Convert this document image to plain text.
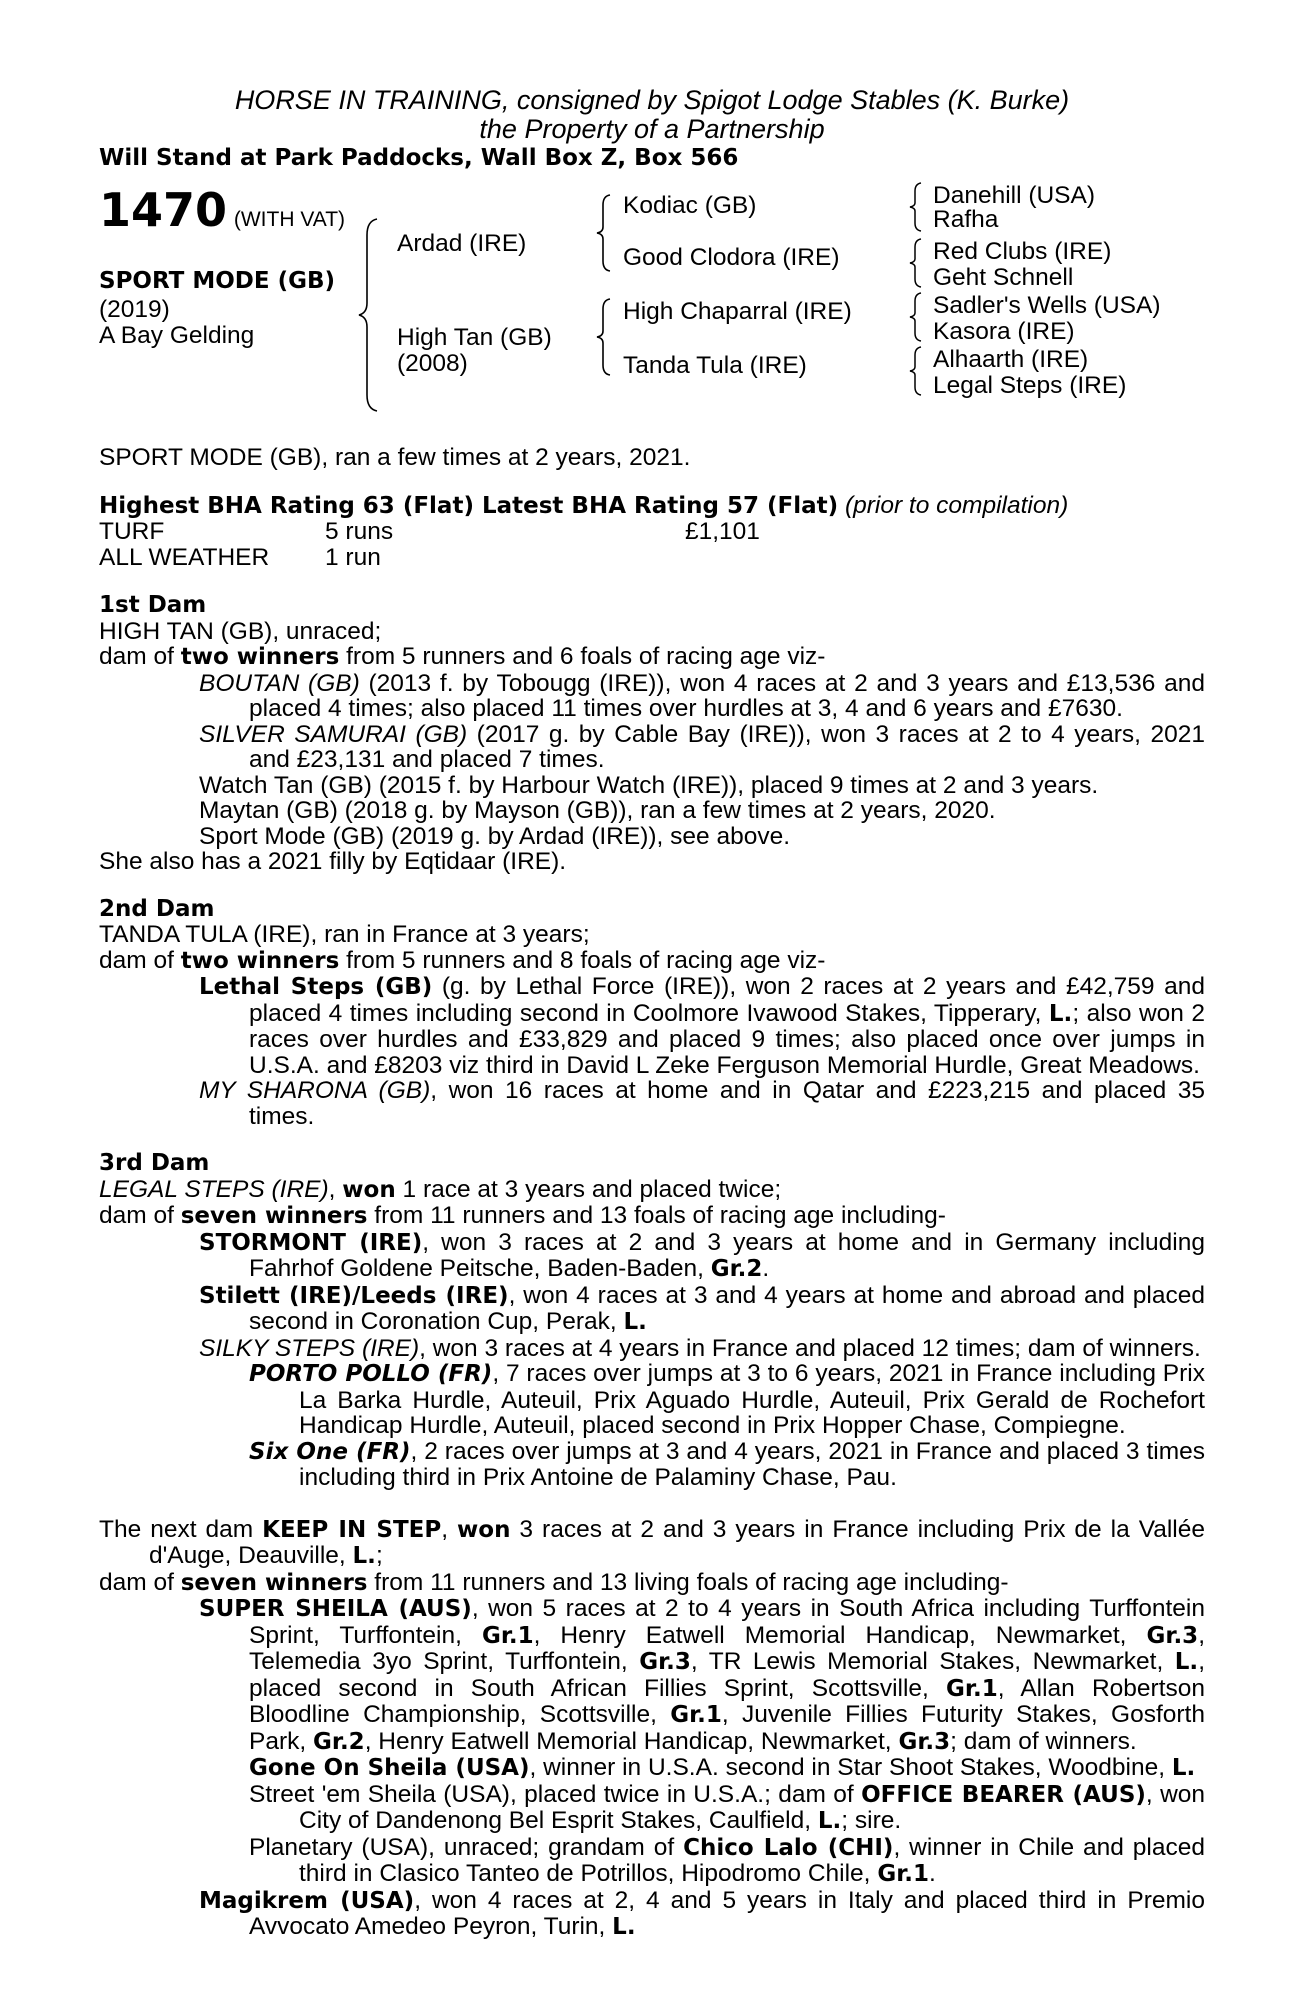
HORSE IN TRAINING, consigned by Spigot Lodge Stables (K. Burke)
the Property of a Partnership
Will Stand at Park Paddocks, Wall Box Z, Box 566
1470 (WITH VAT)
SPORT MODE (GB)
(2019)
A Bay Gelding
Ardad (IRE)
High Tan (GB)
(2008)
Kodiac (GB)
Good Clodora (IRE)
High Chaparral (IRE)
Tanda Tula (IRE)
Danehill (USA)
Rafha
Red Clubs (IRE)
Geht Schnell
Sadler's Wells (USA)
Kasora (IRE)
Alhaarth (IRE)
Legal Steps (IRE)
SPORT MODE (GB), ran a few times at 2 years, 2021.
Highest BHA Rating 63 (Flat) Latest BHA Rating 57 (Flat) (prior to compilation)
TURF	5 runs	£1,101
ALL WEATHER 1 run
1st Dam
HIGH TAN (GB), unraced;
dam of two winners from 5 runners and 6 foals of racing age viz-
BOUTAN (GB) (2013 f. by Tobougg (IRE)), won 4 races at 2 and 3 years and £13,536 and placed 4 times; also placed 11 times over hurdles at 3, 4 and 6 years and £7630.
SILVER SAMURAI (GB) (2017 g. by Cable Bay (IRE)), won 3 races at 2 to 4 years, 2021 and £23,131 and placed 7 times.
Watch Tan (GB) (2015 f. by Harbour Watch (IRE)), placed 9 times at 2 and 3 years.
Maytan (GB) (2018 g. by Mayson (GB)), ran a few times at 2 years, 2020.
Sport Mode (GB) (2019 g. by Ardad (IRE)), see above.
She also has a 2021 filly by Eqtidaar (IRE).
2nd Dam
TANDA TULA (IRE), ran in France at 3 years;
dam of two winners from 5 runners and 8 foals of racing age viz-
Lethal Steps (GB) (g. by Lethal Force (IRE)), won 2 races at 2 years and £42,759 and placed 4 times including second in Coolmore Ivawood Stakes, Tipperary, L.; also won 2 races over hurdles and £33,829 and placed 9 times; also placed once over jumps in U.S.A. and £8203 viz third in David L Zeke Ferguson Memorial Hurdle, Great Meadows.
MY SHARONA (GB), won 16 races at home and in Qatar and £223,215 and placed 35 times.
3rd Dam
LEGAL STEPS (IRE), won 1 race at 3 years and placed twice;
dam of seven winners from 11 runners and 13 foals of racing age including-
STORMONT (IRE), won 3 races at 2 and 3 years at home and in Germany including Fahrhof Goldene Peitsche, Baden-Baden, Gr.2.
Stilett (IRE)/Leeds (IRE), won 4 races at 3 and 4 years at home and abroad and placed second in Coronation Cup, Perak, L.
SILKY STEPS (IRE), won 3 races at 4 years in France and placed 12 times; dam of winners.
PORTO POLLO (FR), 7 races over jumps at 3 to 6 years, 2021 in France including Prix La Barka Hurdle, Auteuil, Prix Aguado Hurdle, Auteuil, Prix Gerald de Rochefort Handicap Hurdle, Auteuil, placed second in Prix Hopper Chase, Compiegne.
Six One (FR), 2 races over jumps at 3 and 4 years, 2021 in France and placed 3 times including third in Prix Antoine de Palaminy Chase, Pau.
The next dam KEEP IN STEP, won 3 races at 2 and 3 years in France including Prix de la Vallée d'Auge, Deauville, L.;
dam of seven winners from 11 runners and 13 living foals of racing age including-
SUPER SHEILA (AUS), won 5 races at 2 to 4 years in South Africa including Turffontein Sprint, Turffontein, Gr.1, Henry Eatwell Memorial Handicap, Newmarket, Gr.3, Telemedia 3yo Sprint, Turffontein, Gr.3, TR Lewis Memorial Stakes, Newmarket, L., placed second in South African Fillies Sprint, Scottsville, Gr.1, Allan Robertson Bloodline Championship, Scottsville, Gr.1, Juvenile Fillies Futurity Stakes, Gosforth Park, Gr.2, Henry Eatwell Memorial Handicap, Newmarket, Gr.3; dam of winners.
Gone On Sheila (USA), winner in U.S.A. second in Star Shoot Stakes, Woodbine, L.
Street 'em Sheila (USA), placed twice in U.S.A.; dam of OFFICE BEARER (AUS), won City of Dandenong Bel Esprit Stakes, Caulfield, L.; sire.
Planetary (USA), unraced; grandam of Chico Lalo (CHI), winner in Chile and placed third in Clasico Tanteo de Potrillos, Hipodromo Chile, Gr.1.
Magikrem (USA), won 4 races at 2, 4 and 5 years in Italy and placed third in Premio Avvocato Amedeo Peyron, Turin, L.
